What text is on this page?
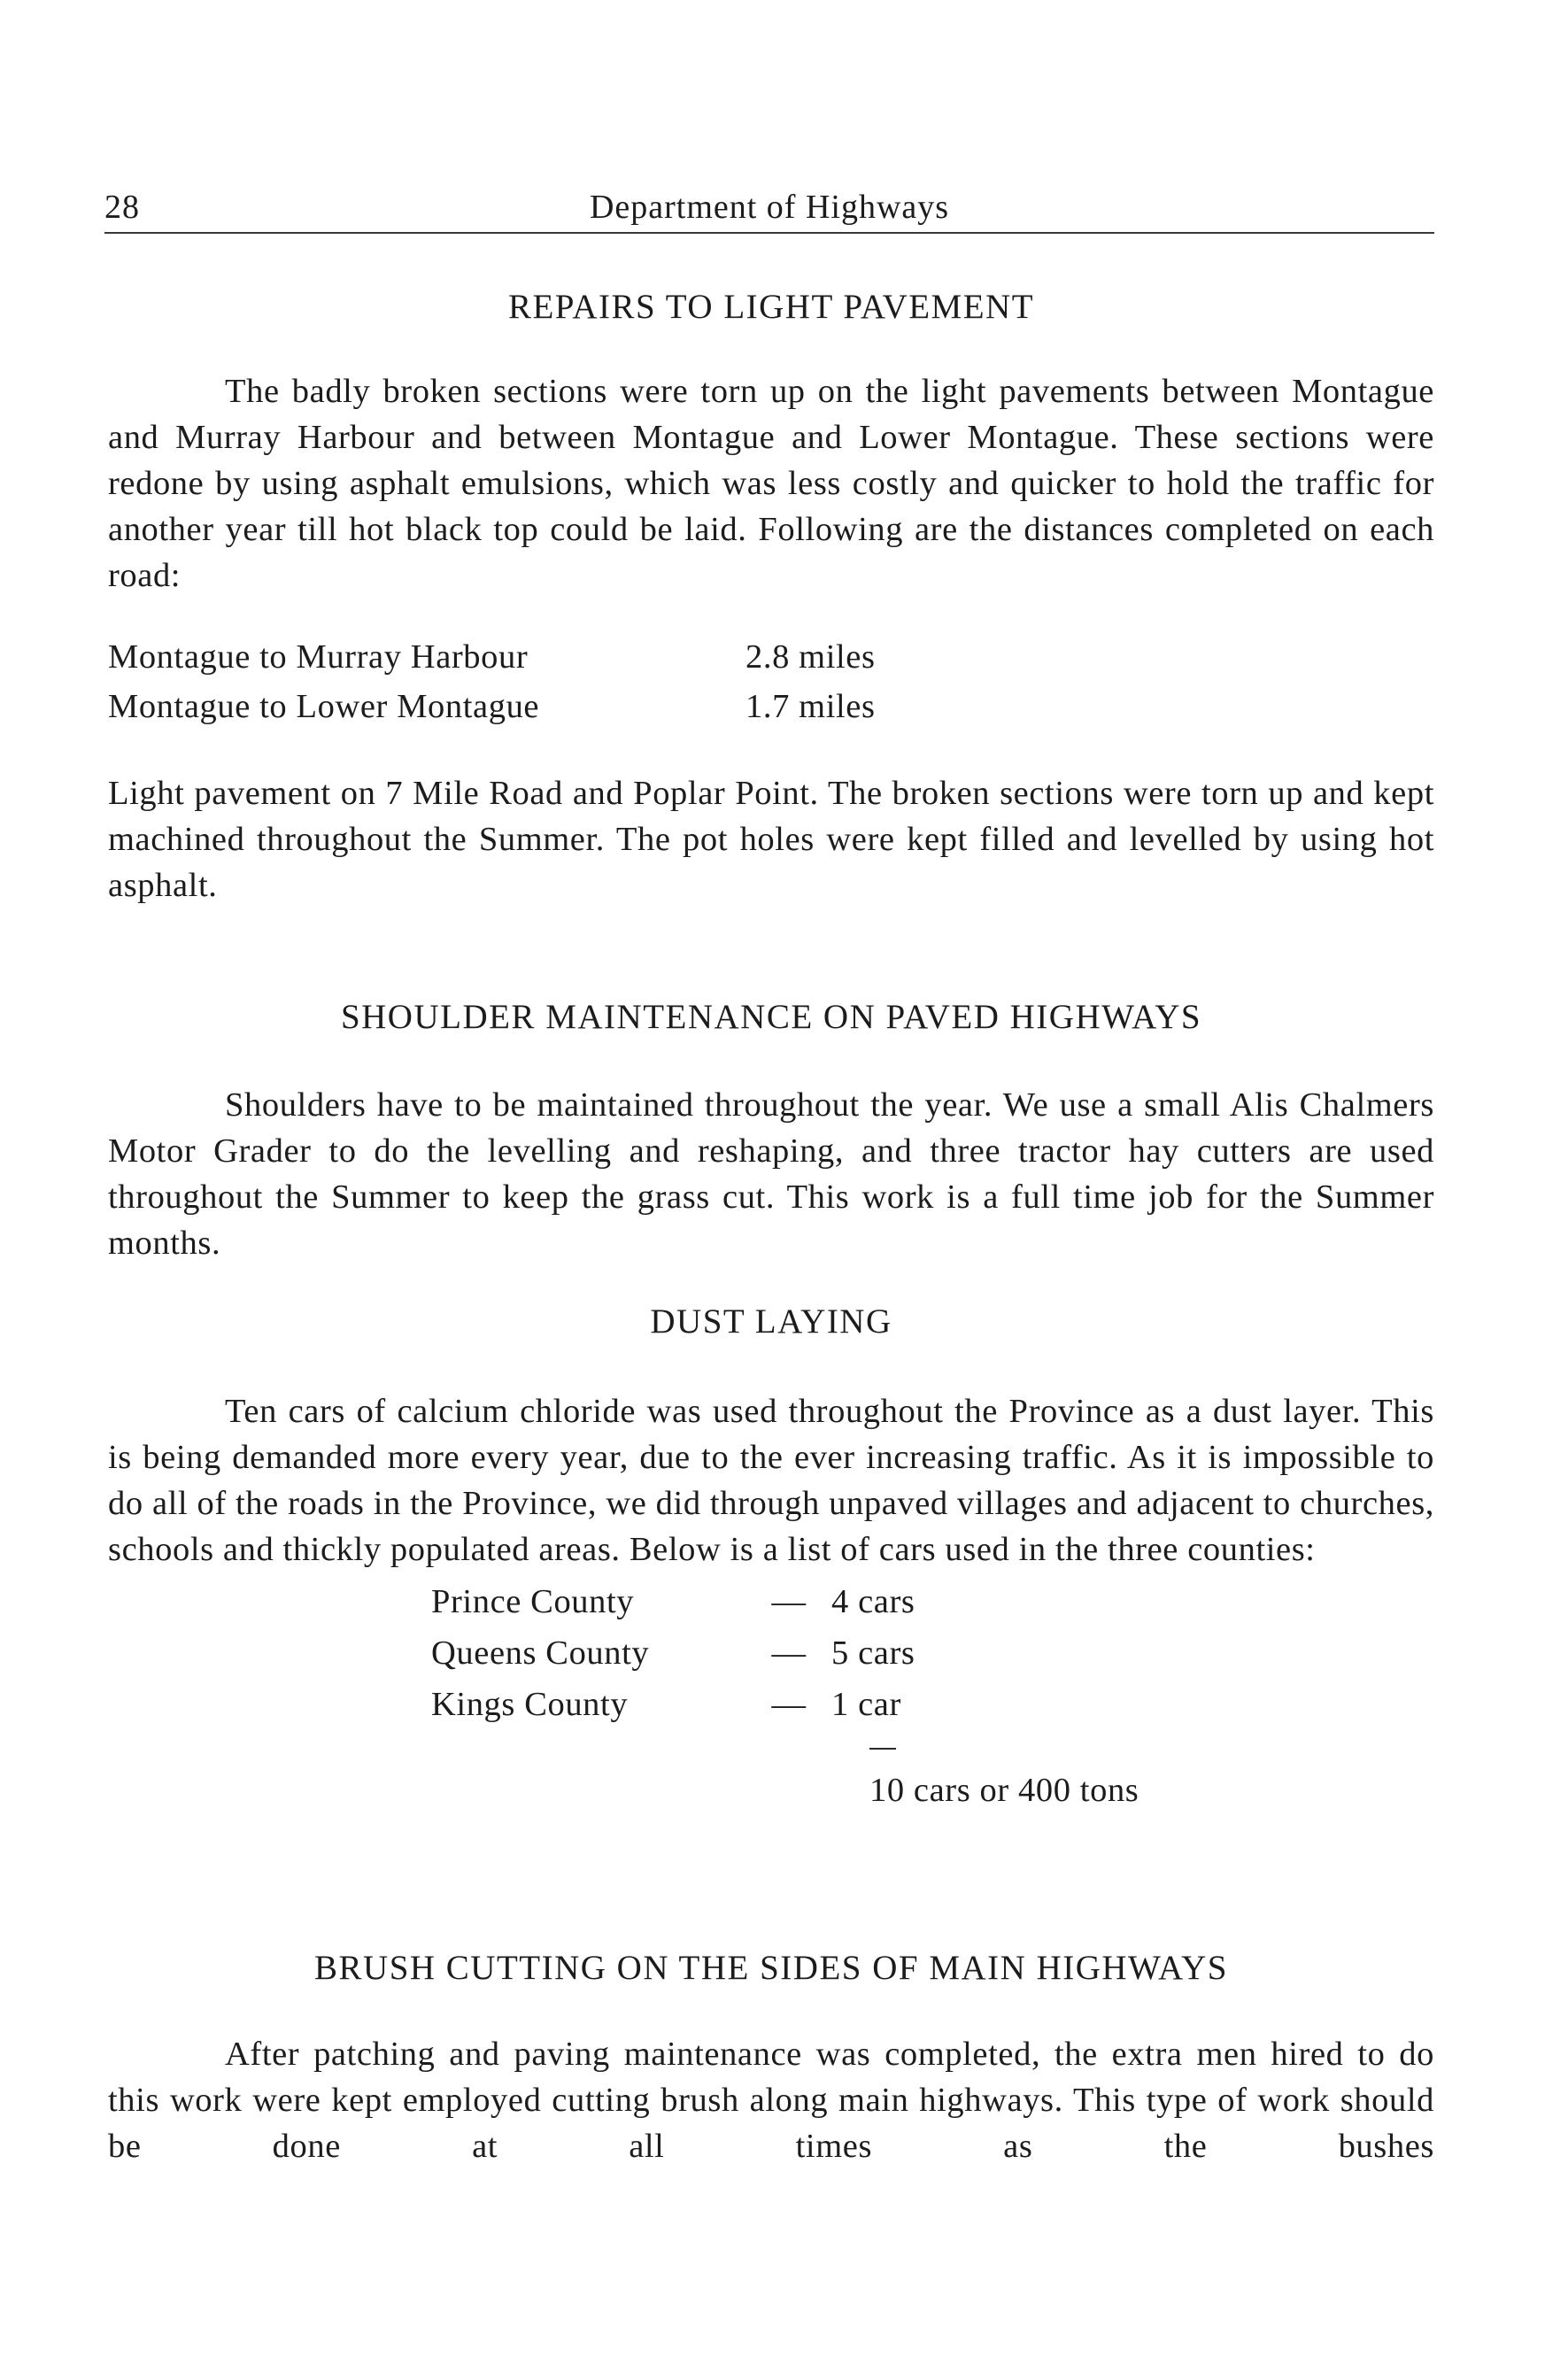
28	Department of Highways
REPAIRS TO LIGHT PAVEMENT

The badly broken sections were torn up on the light pavements between Montague and Murray Harbour and between Montague and Lower Montague. These sections were redone by using asphalt emulsions, which was less costly and quicker to hold the traffic for another year till hot black top could be laid. Following are the distances completed on each road:

Montague to Murray Harbour	2.8 miles
Montague to Lower Montague	1.7 miles

Light pavement on 7 Mile Road and Poplar Point. The broken sections were torn up and kept machined throughout the Summer. The pot holes were kept filled and levelled by using hot asphalt.

SHOULDER MAINTENANCE ON PAVED HIGHWAYS

Shoulders have to be maintained throughout the year. We use a small Alis Chalmers Motor Grader to do the levelling and reshaping, and three tractor hay cutters are used throughout the Summer to keep the grass cut. This work is a full time job for the Summer months.

DUST LAYING

Ten cars of calcium chloride was used throughout the Province as a dust layer. This is being demanded more every year, due to the ever increasing traffic. As it is impossible to do all of the roads in the Province, we did through unpaved villages and adjacent to churches, schools and thickly populated areas. Below is a list of cars used in the three counties:

Prince County	—	4 cars
Queens County	—	5 cars
Kings County	—	1 car
10 cars or 400 tons
BRUSH CUTTING ON THE SIDES OF MAIN HIGHWAYS

After patching and paving maintenance was completed, the extra men hired to do this work were kept employed cutting brush along main highways. This type of work should be done at all times as the bushes
